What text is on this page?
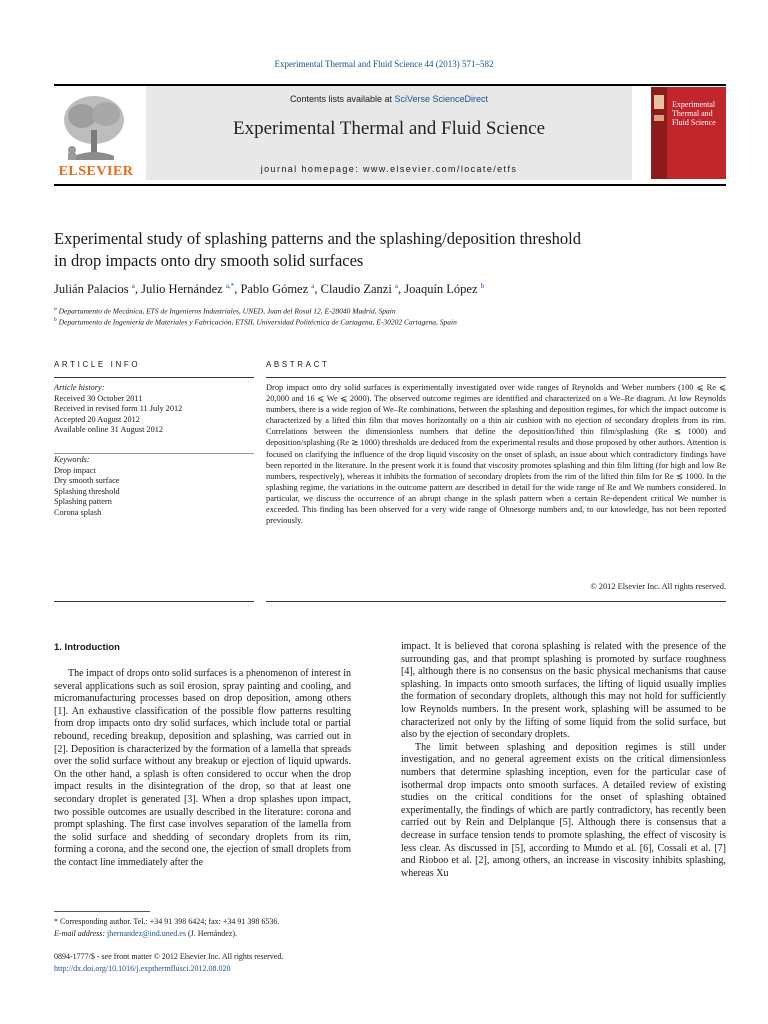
Experimental Thermal and Fluid Science 44 (2013) 571–582
ELSEVIER
Contents lists available at SciVerse ScienceDirect
Experimental Thermal and Fluid Science
journal homepage: www.elsevier.com/locate/etfs
Experimental Thermal and Fluid Science
Experimental study of splashing patterns and the splashing/deposition threshold
in drop impacts onto dry smooth solid surfaces
Julián Palacios $^a$, Julio Hernández $^{a,*}$, Pablo Gómez $^a$, Claudio Zanzi $^a$, Joaquín López $^b$
$^a$ Departamento de Mecánica, ETS de Ingenieros Industriales, UNED, Juan del Rosal 12, E-28040 Madrid, Spain
$^b$ Departamento de Ingeniería de Materiales y Fabricación, ETSII, Universidad Politécnica de Cartagena, E-30202 Cartagena, Spain
ARTICLE INFO	ABSTRACT
Article history:
Received 30 October 2011
Received in revised form 11 July 2012
Accepted 20 August 2012
Available online 31 August 2012
Keywords:
Drop impact
Dry smooth surface
Splashing threshold
Splashing pattern
Corona splash
Drop impact onto dry solid surfaces is experimentally investigated over wide ranges of Reynolds and Weber numbers (100 ⩽ Re ⩽ 20,000 and 16 ⩽ We ⩽ 2000). The observed outcome regimes are identified and characterized on a We–Re diagram. At low Reynolds numbers, there is a wide region of We–Re combinations, between the splashing and deposition regimes, for which the impact outcome is characterized by a lifted thin film that moves horizontally on a thin air cushion with no ejection of secondary droplets from its rim. Correlations between the dimensionless numbers that define the deposition/lifted thin film/splashing (Re ≲ 1000) and deposition/splashing (Re ≳ 1000) thresholds are deduced from the experimental results and those proposed by other authors. Attention is focused on clarifying the influence of the drop liquid viscosity on the onset of splash, an issue about which contradictory findings have been reported in the literature. In the present work it is found that viscosity promotes splashing and thin film lifting (for high and low Re numbers, respectively), whereas it inhibits the formation of secondary droplets from the rim of the lifted thin film for Re ≲ 1000. In the splashing regime, the variations in the outcome pattern are described in detail for the wide range of Re and We numbers considered. In particular, we discuss the occurrence of an abrupt change in the splash pattern when a certain Re-dependent critical We number is exceeded. This finding has been observed for a very wide range of Ohnesorge numbers and, to our knowledge, has not been reported previously.
© 2012 Elsevier Inc. All rights reserved.
1. Introduction

The impact of drops onto solid surfaces is a phenomenon of interest in several applications such as soil erosion, spray painting and cooling, and micromanufacturing processes based on drop deposition, among others [1]. An exhaustive classification of the possible flow patterns resulting from drop impacts onto dry solid surfaces, which include total or partial rebound, receding breakup, deposition and splashing, was carried out in [2]. Deposition is characterized by the formation of a lamella that spreads over the solid surface without any breakup or ejection of liquid upwards. On the other hand, a splash is often considered to occur when the drop impact results in the disintegration of the drop, so that at least one secondary droplet is generated [3]. When a drop splashes upon impact, two possible outcomes are usually described in the literature: corona and prompt splashing. The first case involves separation of the lamella from the solid surface and shedding of secondary droplets from its rim, forming a corona, and the second one, the ejection of small droplets from the contact line immediately after the

impact. It is believed that corona splashing is related with the presence of the surrounding gas, and that prompt splashing is promoted by surface roughness [4], although there is no consensus on the basic physical mechanisms that cause splashing. In impacts onto smooth surfaces, the lifting of liquid usually implies the formation of secondary droplets, although this may not hold for sufficiently low Reynolds numbers. In the present work, splashing will be assumed to be characterized not only by the lifting of some liquid from the solid surface, but also by the ejection of secondary droplets.

The limit between splashing and deposition regimes is still under investigation, and no general agreement exists on the critical dimensionless numbers that determine splashing inception, even for the particular case of isothermal drop impacts onto smooth surfaces. A detailed review of existing studies on the critical conditions for the onset of splashing obtained experimentally, the findings of which are partly contradictory, has recently been carried out by Rein and Delplanque [5]. Although there is consensus that a decrease in surface tension tends to promote splashing, the effect of viscosity is less clear. As discussed in [5], according to Mundo et al. [6], Cossali et al. [7] and Rioboo et al. [2], among others, an increase in viscosity inhibits splashing, whereas Xu

* Corresponding author. Tel.: +34 91 398 6424; fax: +34 91 398 6536.
E-mail address: jhernandez@ind.uned.es (J. Hernández).
0894-1777/$ - see front matter © 2012 Elsevier Inc. All rights reserved.
http://dx.doi.org/10.1016/j.expthermflusci.2012.08.020
